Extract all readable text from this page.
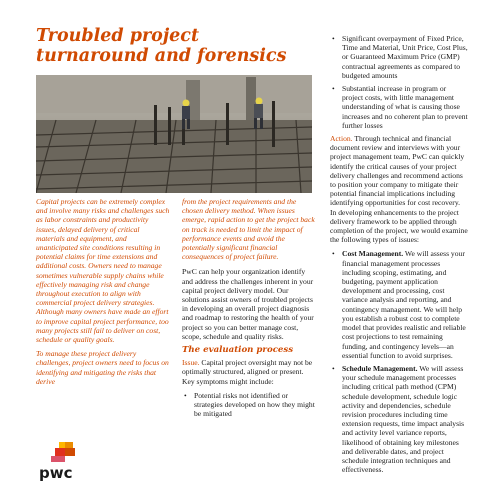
Troubled project turnaround and forensics

Capital projects can be extremely complex and involve many risks and challenges such as labor constraints and productivity issues, delayed delivery of critical materials and equipment, and unanticipated site conditions resulting in potential claims for time extensions and additional costs. Owners need to manage sometimes vulnerable supply chains while effectively managing risk and change throughout execution to align with commercial project delivery strategies. Although many owners have made an effort to improve capital project performance, too many projects still fail to deliver on cost, schedule or quality goals.

To manage these project delivery challenges, project owners need to focus on identifying and mitigating the risks that derive

from the project requirements and the chosen delivery method. When issues emerge, rapid action to get the project back on track is needed to limit the impact of performance events and avoid the potentially significant financial consequences of project failure.

PwC can help your organization identify and address the challenges inherent in your capital project delivery model. Our solutions assist owners of troubled projects in developing an overall project diagnosis and roadmap to restoring the health of your project so you can better manage cost, scope, schedule and quality risks.

The evaluation process

Issue. Capital project oversight may not be optimally structured, aligned or present. Key symptoms might include:

• Potential risks not identified or strategies developed on how they might be mitigated
• Significant overpayment of Fixed Price, Time and Material, Unit Price, Cost Plus, or Guaranteed Maximum Price (GMP) contractual agreements as compared to budgeted amounts
• Substantial increase in program or project costs, with little management understanding of what is causing those increases and no coherent plan to prevent further losses

Action. Through technical and financial document review and interviews with your project management team, PwC can quickly identify the critical causes of your project delivery challenges and recommend actions to position your company to mitigate their potential financial implications including identifying opportunities for cost recovery. In developing enhancements to the project delivery framework to be applied through completion of the project, we would examine the following types of issues:

• Cost Management. We will assess your financial management processes including scoping, estimating, and budgeting, payment application development and processing, cost variance analysis and reporting, and contingency management. We will help you establish a robust cost to complete model that provides realistic and reliable cost projections to test remaining funding, and contingency levels—an essential function to avoid surprises.
• Schedule Management. We will assess your schedule management processes including critical path method (CPM) schedule development, schedule logic activity and dependencies, schedule revision procedures including time extension requests, time impact analysis and activity level variance reports, likelihood of obtaining key milestones and deliverable dates, and project schedule integration techniques and effectiveness.
pwc
